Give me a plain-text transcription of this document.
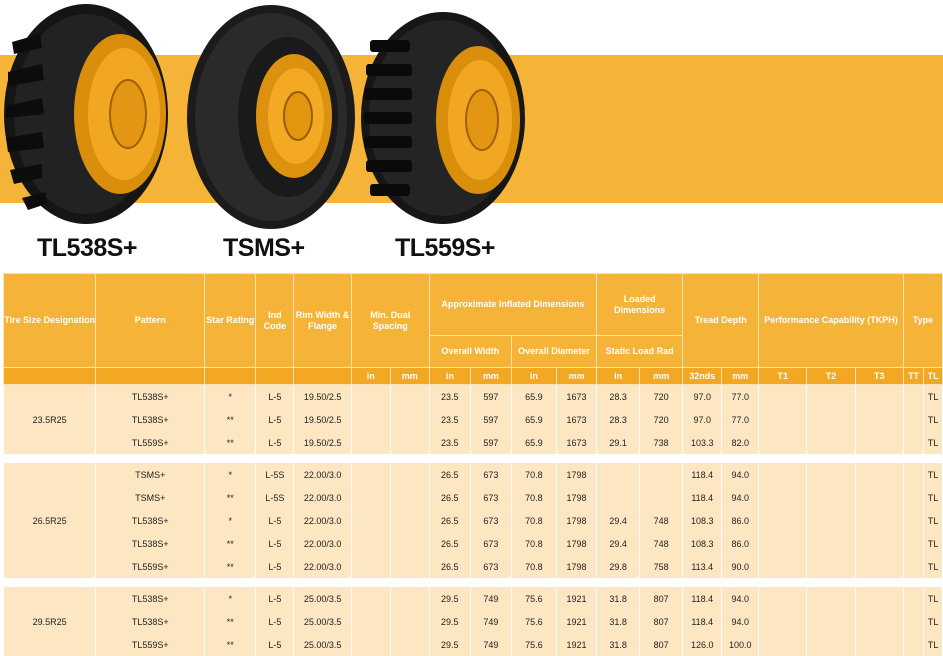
TL538S+	TSMS+	TL559S+
Tire Size Designation	Pattern	Star Rating	Ind Code	Rim Width & Flange	Min. Dual Spacing		Approximate Inflated Dimensions				Loaded Dimensions		Tread Depth		Performance Capability (TKPH)			Type	
							Overall Width		Overall Diameter		Static Load Rad								
					in	mm	in	mm	in	mm	in	mm	32nds	mm	T1	T2	T3	TT	TL
23.5R25	TL538S+	*	L-5	19.50/2.5			23.5	597	65.9	1673	28.3	720	97.0	77.0					TL
	TL538S+	**	L-5	19.50/2.5			23.5	597	65.9	1673	28.3	720	97.0	77.0					TL
	TL559S+	**	L-5	19.50/2.5			23.5	597	65.9	1673	29.1	738	103.3	82.0					TL

26.5R25	TSMS+	*	L-5S	22.00/3.0			26.5	673	70.8	1798			118.4	94.0					TL
	TSMS+	**	L-5S	22.00/3.0			26.5	673	70.8	1798			118.4	94.0					TL
	TL538S+	*	L-5	22.00/3.0			26.5	673	70.8	1798	29.4	748	108.3	86.0					TL
	TL538S+	**	L-5	22.00/3.0			26.5	673	70.8	1798	29.4	748	108.3	86.0					TL
	TL559S+	**	L-5	22.00/3.0			26.5	673	70.8	1798	29.8	758	113.4	90.0					TL

29.5R25	TL538S+	*	L-5	25.00/3.5			29.5	749	75.6	1921	31.8	807	118.4	94.0					TL
	TL538S+	**	L-5	25.00/3.5			29.5	749	75.6	1921	31.8	807	118.4	94.0					TL
	TL559S+	**	L-5	25.00/3.5			29.5	749	75.6	1921	31.8	807	126.0	100.0					TL
